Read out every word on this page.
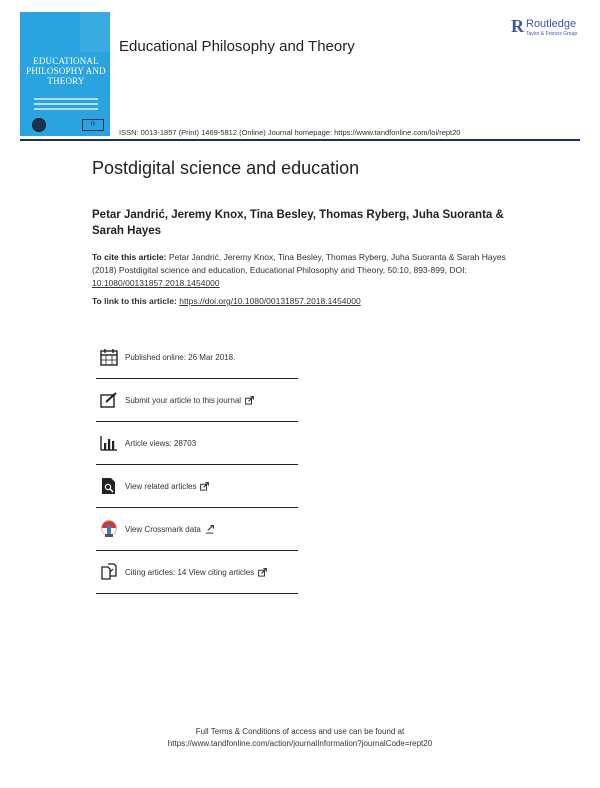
EDUCATIONAL PHILOSOPHY AND THEORY
R
Educational Philosophy and Theory
R Routledge
Taylor & Francis Group
ISSN: 0013-1857 (Print) 1469-5812 (Online) Journal homepage: https://www.tandfonline.com/loi/rept20
Postdigital science and education
Petar Jandrić, Jeremy Knox, Tina Besley, Thomas Ryberg, Juha Suoranta & Sarah Hayes
To cite this article: Petar Jandrić, Jeremy Knox, Tina Besley, Thomas Ryberg, Juha Suoranta & Sarah Hayes (2018) Postdigital science and education, Educational Philosophy and Theory, 50:10, 893-899, DOI: 10.1080/00131857.2018.1454000
To link to this article: https://doi.org/10.1080/00131857.2018.1454000
Published online: 26 Mar 2018.
Submit your article to this journal
Article views: 28703
View related articles
View Crossmark data
Citing articles: 14 View citing articles
Full Terms & Conditions of access and use can be found at
https://www.tandfonline.com/action/journalInformation?journalCode=rept20
